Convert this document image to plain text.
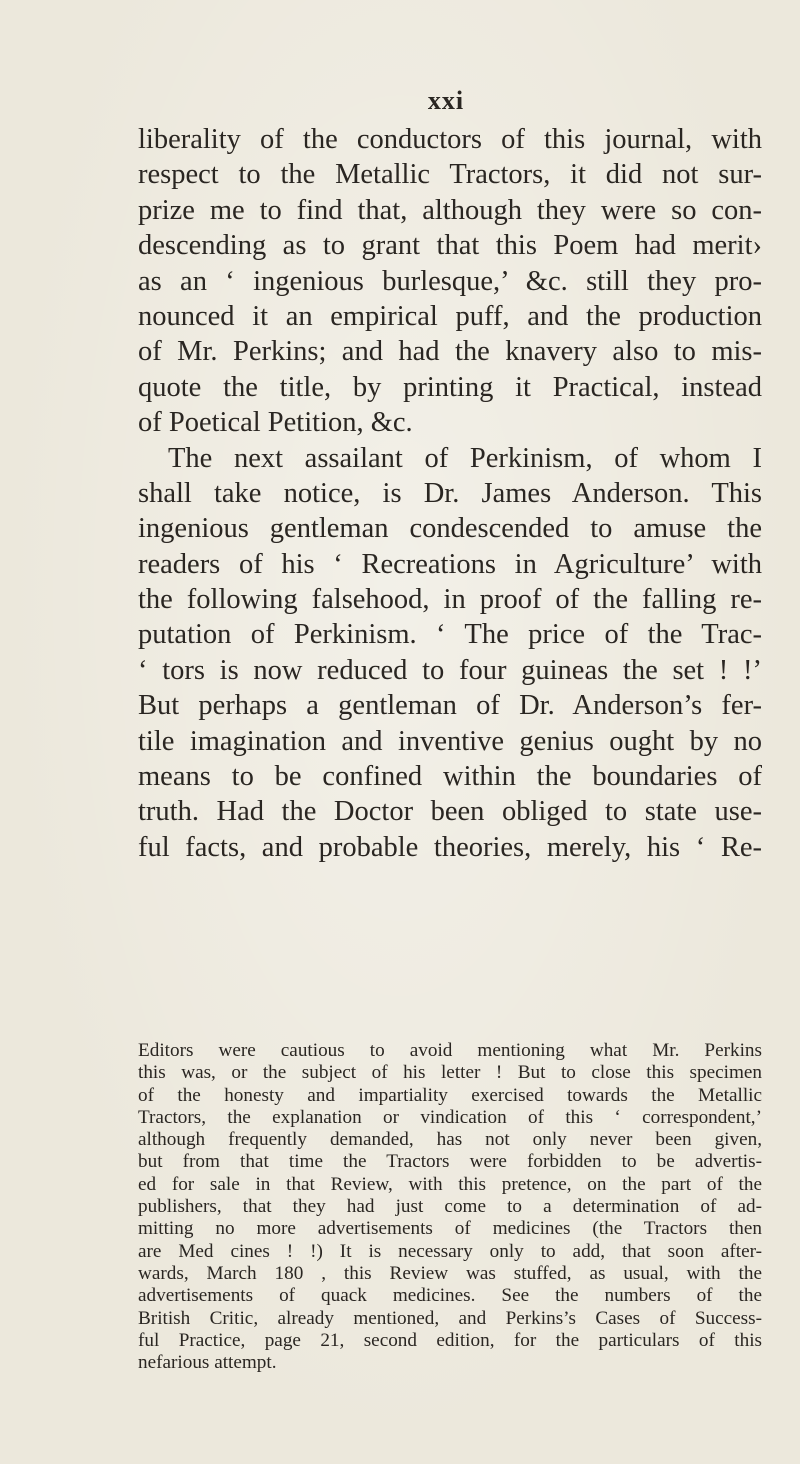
xxi
liberality of the conductors of this journal, with
respect to the Metallic Tractors, it did not sur-
prize me to find that, although they were so con-
descending as to grant that this Poem had merit›
as an ‘ ingenious burlesque,’ &c. still they pro-
nounced it an empirical puff, and the production
of Mr. Perkins; and had the knavery also to mis-
quote the title, by printing it Practical, instead
of Poetical Petition, &c.
The next assailant of Perkinism, of whom I
shall take notice, is Dr. James Anderson. This
ingenious gentleman condescended to amuse the
readers of his ‘ Recreations in Agriculture’ with
the following falsehood, in proof of the falling re-
putation of Perkinism. ‘ The price of the Trac-
‘ tors is now reduced to four guineas the set ! !’
But perhaps a gentleman of Dr. Anderson’s fer-
tile imagination and inventive genius ought by no
means to be confined within the boundaries of
truth. Had the Doctor been obliged to state use-
ful facts, and probable theories, merely, his ‘ Re-
Editors were cautious to avoid mentioning what Mr. Perkins
this was, or the subject of his letter ! But to close this specimen
of the honesty and impartiality exercised towards the Metallic
Tractors, the explanation or vindication of this ‘ correspondent,’
although frequently demanded, has not only never been given,
but from that time the Tractors were forbidden to be advertis-
ed for sale in that Review, with this pretence, on the part of the
publishers, that they had just come to a determination of ad-
mitting no more advertisements of medicines (the Tractors then
are Med cines ! !) It is necessary only to add, that soon after-
wards, March 180 , this Review was stuffed, as usual, with the
advertisements of quack medicines. See the numbers of the
British Critic, already mentioned, and Perkins’s Cases of Success-
ful Practice, page 21, second edition, for the particulars of this
nefarious attempt.
